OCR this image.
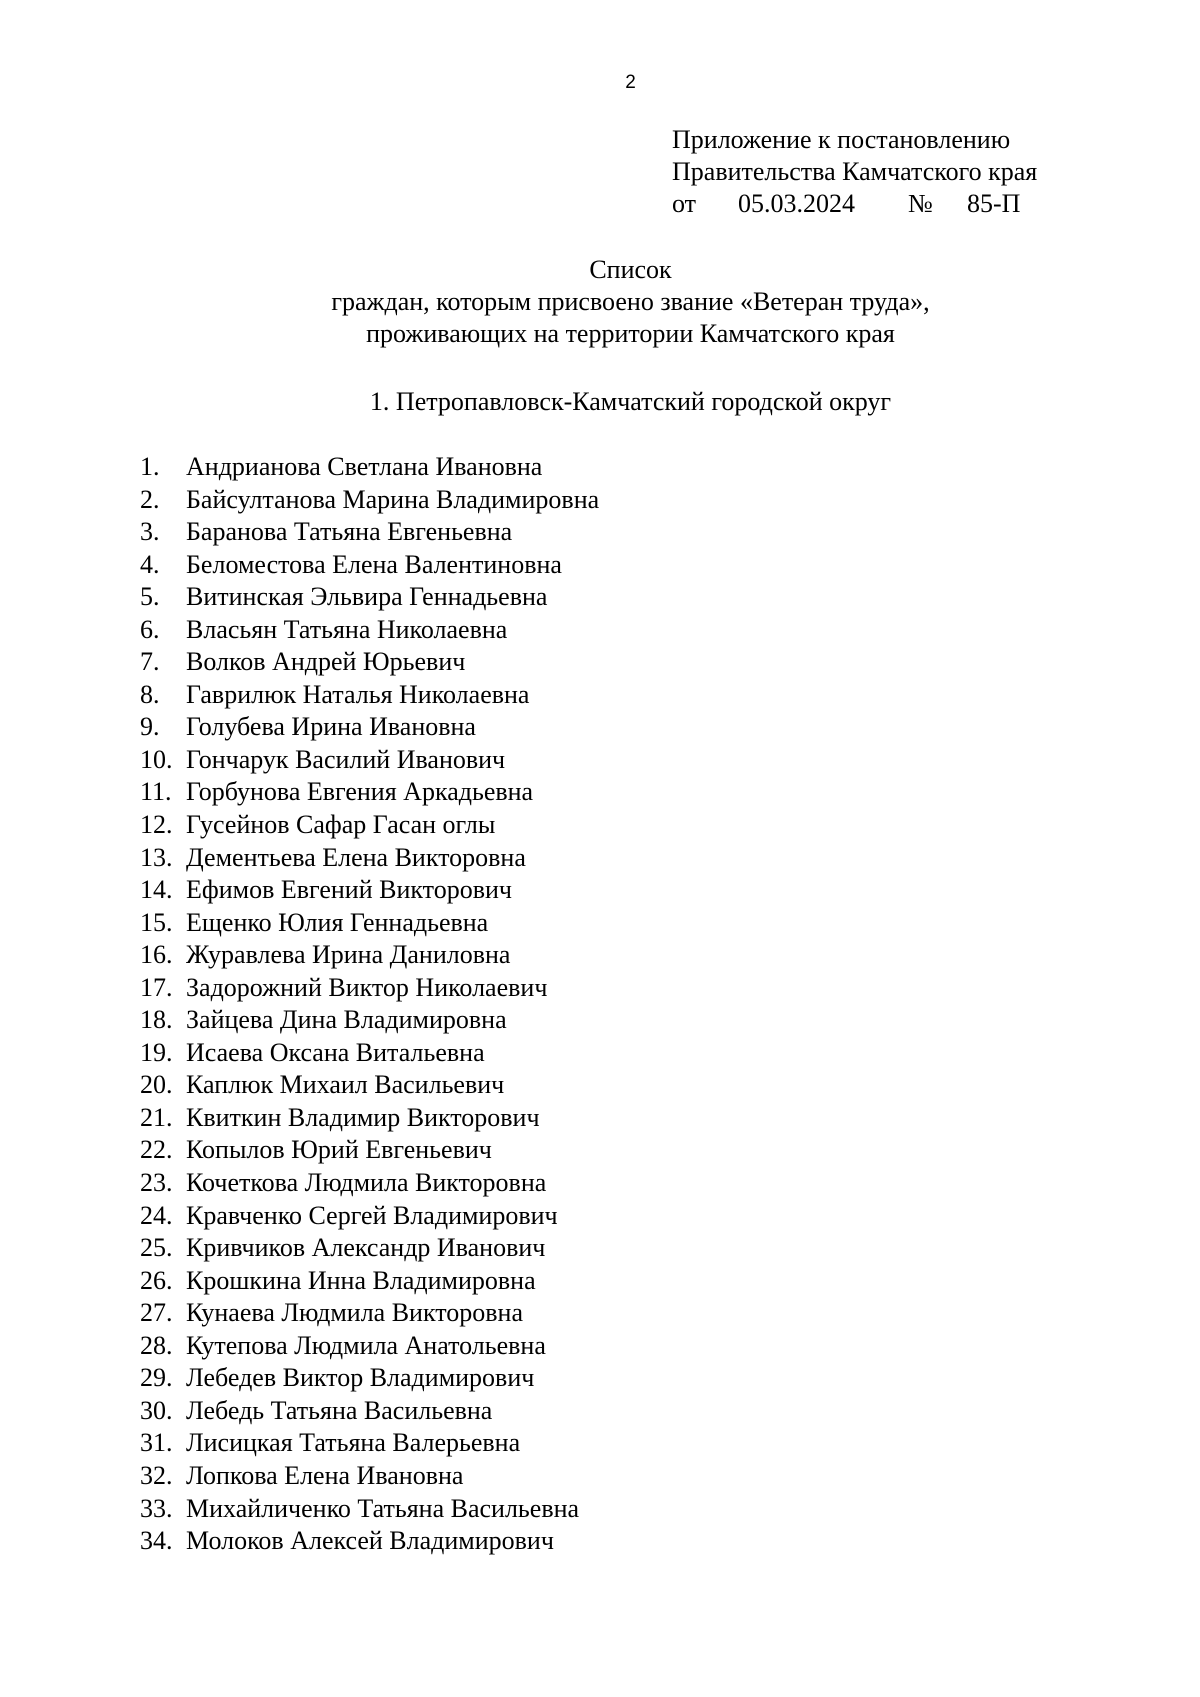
2
Приложение к постановлению
Правительства Камчатского края
от 05.03.2024 № 85-П
Список
граждан, которым присвоено звание «Ветеран труда»,
проживающих на территории Камчатского края
1. Петропавловск-Камчатский городской округ
1.	Андрианова Светлана Ивановна
2.	Байсултанова Марина Владимировна
3.	Баранова Татьяна Евгеньевна
4.	Беломестова Елена Валентиновна
5.	Витинская Эльвира Геннадьевна
6.	Власьян Татьяна Николаевна
7.	Волков Андрей Юрьевич
8.	Гаврилюк Наталья Николаевна
9.	Голубева Ирина Ивановна
10. Гончарук Василий Иванович
11. Горбунова Евгения Аркадьевна
12. Гусейнов Сафар Гасан оглы
13. Дементьева Елена Викторовна
14. Ефимов Евгений Викторович
15. Ещенко Юлия Геннадьевна
16. Журавлева Ирина Даниловна
17. Задорожний Виктор Николаевич
18. Зайцева Дина Владимировна
19. Исаева Оксана Витальевна
20. Каплюк Михаил Васильевич
21. Квиткин Владимир Викторович
22. Копылов Юрий Евгеньевич
23. Кочеткова Людмила Викторовна
24. Кравченко Сергей Владимирович
25. Кривчиков Александр Иванович
26. Крошкина Инна Владимировна
27. Кунаева Людмила Викторовна
28. Кутепова Людмила Анатольевна
29. Лебедев Виктор Владимирович
30. Лебедь Татьяна Васильевна
31. Лисицкая Татьяна Валерьевна
32. Лопкова Елена Ивановна
33. Михайличенко Татьяна Васильевна
34. Молоков Алексей Владимирович
